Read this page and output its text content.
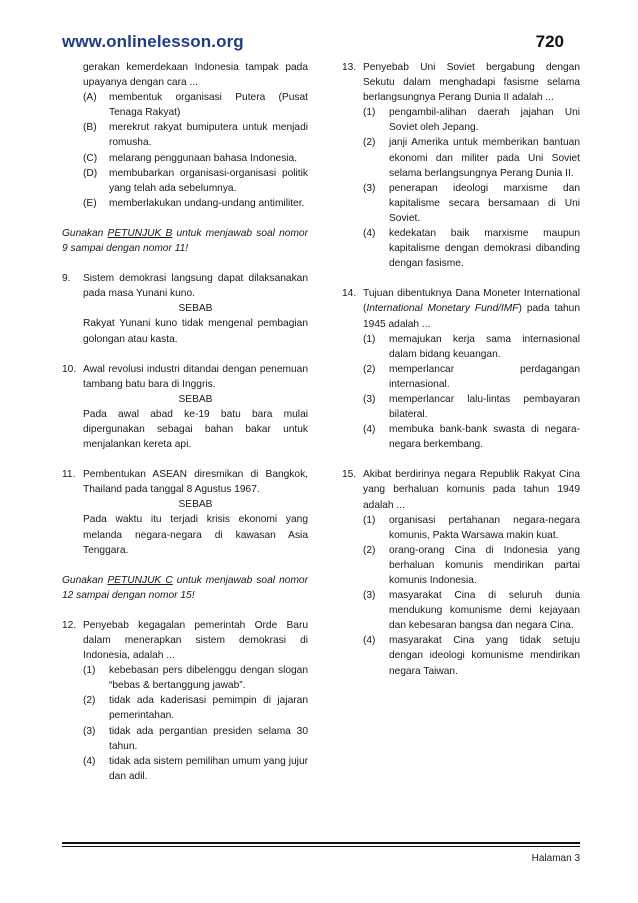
www.onlinelesson.org	720
gerakan kemerdekaan Indonesia tampak pada upayanya dengan cara ...
(A) membentuk organisasi Putera (Pusat Tenaga Rakyat)
(B) merekrut rakyat bumiputera untuk menjadi romusha.
(C) melarang penggunaan bahasa Indonesia.
(D) membubarkan organisasi-organisasi politik yang telah ada sebelumnya.
(E) memberlakukan undang-undang antimiliter.
Gunakan PETUNJUK B untuk menjawab soal nomor 9 sampai dengan nomor 11!
9. Sistem demokrasi langsung dapat dilaksanakan pada masa Yunani kuno.
SEBAB
Rakyat Yunani kuno tidak mengenal pembagian golongan atau kasta.
10. Awal revolusi industri ditandai dengan penemuan tambang batu bara di Inggris.
SEBAB
Pada awal abad ke-19 batu bara mulai dipergunakan sebagai bahan bakar untuk menjalankan kereta api.
11. Pembentukan ASEAN diresmikan di Bangkok, Thailand pada tanggal 8 Agustus 1967.
SEBAB
Pada waktu itu terjadi krisis ekonomi yang melanda negara-negara di kawasan Asia Tenggara.
Gunakan PETUNJUK C untuk menjawab soal nomor 12 sampai dengan nomor 15!
12. Penyebab kegagalan pemerintah Orde Baru dalam menerapkan sistem demokrasi di Indonesia, adalah ...
(1) kebebasan pers dibelenggu dengan slogan “bebas & bertanggung jawab”.
(2) tidak ada kaderisasi pemimpin di jajaran pemerintahan.
(3) tidak ada pergantian presiden selama 30 tahun.
(4) tidak ada sistem pemilihan umum yang jujur dan adil.
13. Penyebab Uni Soviet bergabung dengan Sekutu dalam menghadapi fasisme selama berlangsungnya Perang Dunia II adalah ...
(1) pengambil-alihan daerah jajahan Uni Soviet oleh Jepang.
(2) janji Amerika untuk memberikan bantuan ekonomi dan militer pada Uni Soviet selama berlangsungnya Perang Dunia II.
(3) penerapan ideologi marxisme dan kapitalisme secara bersamaan di Uni Soviet.
(4) kedekatan baik marxisme maupun kapitalisme dengan demokrasi dibanding dengan fasisme.
14. Tujuan dibentuknya Dana Moneter International (International Monetary Fund/IMF) pada tahun 1945 adalah ...
(1) memajukan kerja sama internasional dalam bidang keuangan.
(2) memperlancar perdagangan internasional.
(3) memperlancar lalu-lintas pembayaran bilateral.
(4) membuka bank-bank swasta di negara-negara berkembang.
15. Akibat berdirinya negara Republik Rakyat Cina yang berhaluan komunis pada tahun 1949 adalah ...
(1) organisasi pertahanan negara-negara komunis, Pakta Warsawa makin kuat.
(2) orang-orang Cina di Indonesia yang berhaluan komunis mendirikan partai komunis Indonesia.
(3) masyarakat Cina di seluruh dunia mendukung komunisme demi kejayaan dan kebesaran bangsa dan negara Cina.
(4) masyarakat Cina yang tidak setuju dengan ideologi komunisme mendirikan negara Taiwan.
Halaman 3
